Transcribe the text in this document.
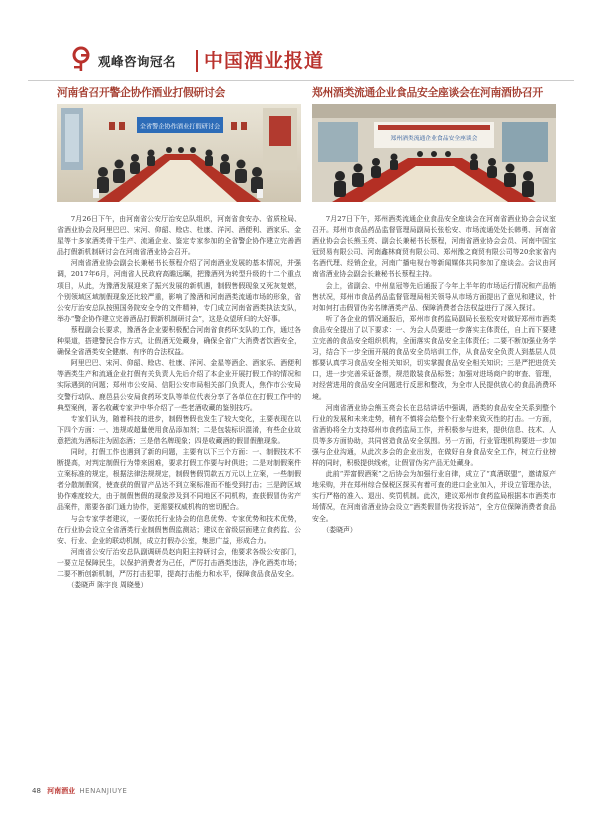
观峰咨询冠名 中国酒业报道
河南省召开警企协作酒业打假研讨会
全省警企协作酒业打假研讨会

7月26日下午，由河南省公安厅治安总队组织，河南省食安办、省质检局、省酒业协会及阿里巴巴、宋河、仰韶、赊店、杜康、洋河、酒便利、酒家乐、金星等十多家酒类骨干生产、流通企业、鉴定专家参加的全省警企协作建立完善酒品打假新机制研讨会在河南省酒业协会召开。

河南省酒业协会副会长兼秘书长蔡程介绍了河南酒业发展的基本情况，并强调，2017年6月，河南省人民政府高瞻远瞩，把豫酒列为转型升级的十二个重点项目，从此，为豫酒发展迎来了振兴发展的新机遇，制假售假现象又死灰复燃，个别领域区域制假现象还比较严重，影响了豫酒和河南酒类流通市场的形象，省公安厅治安总队按照国务院安全令的文件精神，专门成立河南省酒类执法支队，举办“警企协作建立完善酒品打假新机制研讨会”，这是众望所归的大好事。

蔡程副会长要求，豫酒各企业要积极配合河南省食药环支队的工作，通过各种渠道，搭建警民合作方式，让假酒无处藏身，确保全省广大消费者饮酒安全，确保全省酒类安全健康、有序的合法权益。

阿里巴巴、宋河、仰韶、赊店、杜康、洋河、金星等酒企、酒家乐、酒便利等酒类生产和流通企业打假有关负责人先后介绍了本企业开展打假工作的情况和实际遇到的问题；郑州市公安局、信阳公安市局相关部门负责人，焦作市公安局交警行动队、鹿邑县公安局食药环支队等单位代表分享了各单位在打假工作中的典型案例，著名收藏专家尹中华介绍了一些老酒收藏的鉴别技巧。

专家们认为，随着科技的进步，制假售假也发生了较大变化，主要表现在以下四个方面：一、违规或超量使用食品添加剂；二是包装标识混淆，有些企业故意把流为酒标注为固态酒；三是借名牌现象；四是收藏酒的假冒假酿现象。

同时，打假工作也遇到了新的问题，主要有以下三个方面：一、制假技术不断提高，对判定制假行为带来困难，要求打假工作要与时俱进；二是对制假案件立案标准的规定，根据法律法规规定，制假售假罚款五万元以上立案，一些制假者分散制假窝，使查获的假冒产品达不到立案标准而不能受到打击；三是跨区域协作难度较大，由于制假售假的现象涉及到不同地区不同机构，查获假冒伪劣产品案件，需要各部门通力协作，更需要权威机构的密切配合。

与会专家学者建议，一要依托行业协会的信息优势、专家优势和技术优势，在行业协会设立全省酒类行业制假售假监测站；建议在省级层面建立食药监、公安、行业、企业的联动机制，成立打假办公室，集思广益，形成合力。

河南省公安厅治安总队副调研员赵向阳主持研讨会，他要求各级公安部门，一要立足保障民生，以保护消费者为己任，严厉打击酒类违法，净化酒类市场；二要不断创新机制，严厉打击犯罪，提高打击能力和水平，保障食品食品安全。

（娄晓声 陈宇良 周晓曼）

郑州酒类流通企业食品安全座谈会在河南酒协召开
郑州酒类流通企业食品安全座谈会

7月27日下午，郑州酒类流通企业食品安全座谈会在河南省酒业协会会议室召开。郑州市食品药品监督管理局副局长张松安、市场流通处处长韩勇、河南省酒业协会会长熊玉亮、副会长兼秘书长蔡程，河南省酒业协会会员、河南中国宝冠贸易有限公司、河南鑫林商贸有限公司、郑州豫之商贸有限公司等20余家省内名酒代理、经销企业，河南广播电视台等新闻媒体共同参加了座谈会。会议由河南省酒业协会副会长兼秘书长蔡程主持。

会上，省副会、中州皇冠等先后通报了今年上半年的市场运行情况和产品销售状况，郑州市食品药品监督管理局相关领导从市场方面提出了意见和建议，针对如何打击假冒伪劣名牌酒类产品、保障消费者合法权益进行了深入探讨。

听了各企业的情况通报后，郑州市食药监局副局长张松安对做好郑州市酒类食品安全提出了以下要求：一、为会人员要进一步落实主体责任，自上而下要建立完善的食品安全组织机构，全面落实食品安全主体责任；二要不断加强业务学习，结合下一步全面开展的食品安全员培训工作，从食品安全负责人到基层人员都要认真学习食品安全相关知识，切实掌握食品安全相关知识；三是严把进货关口，进一步完善采证备票，规范散装食品标签；加强对进场商户的审查、管理，对经营进用的食品安全问题进行反思和整改，为全市人民提供放心的食品消费环境。

河南省酒业协会熊玉亮会长在总结讲话中强调，酒类的食品安全关系到整个行业的发展和未来走势，稍有不慎将会给整个行业带来致灭性的打击。一方面，省酒协将全力支持郑州市食药监局工作，并积极参与进来，提供信息、技术、人员等多方面协助，共同营造食品安全氛围。另一方面，行业管理机构要进一步加强与企业沟通，从此次多会的企业出发，在做好自身食品安全工作，树立行业榜样的同时，积极提供线索，让假冒伪劣产品无处藏身。

此前“弄富假酒案”之后协会为加强行业自律，成立了“真酒联盟”，邀请原产地采购，并在郑州综合保税区探买有着可查的进口企业加入，并设立管理办法，实行严格的准入、退出、奖罚机制。此次，建议郑州市食药监局根据本市酒类市场情况，在河南省酒业协会设立“酒类假冒伪劣投诉站”，全方位保障消费者食品安全。

（娄晓声）

48 河南酒业 HENANJIUYE
